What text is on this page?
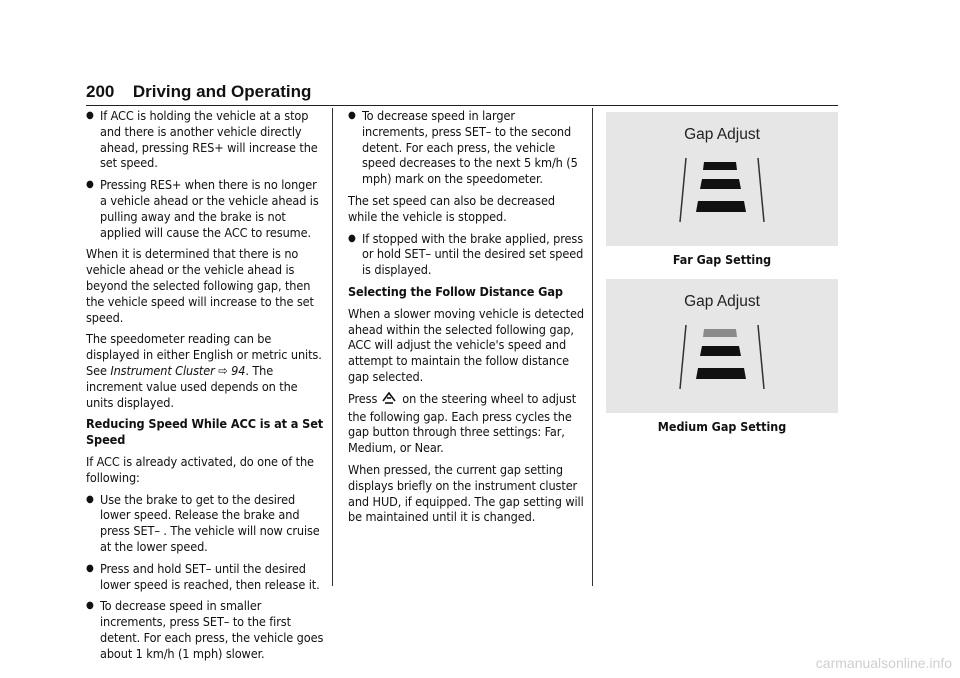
200 Driving and Operating
● If ACC is holding the vehicle at a stop and there is another vehicle directly ahead, pressing RES+ will increase the set speed.
● Pressing RES+ when there is no longer a vehicle ahead or the vehicle ahead is pulling away and the brake is not applied will cause the ACC to resume.

When it is determined that there is no vehicle ahead or the vehicle ahead is beyond the selected following gap, then the vehicle speed will increase to the set speed.

The speedometer reading can be displayed in either English or metric units. See Instrument Cluster ⇨ 94. The increment value used depends on the units displayed.

Reducing Speed While ACC is at a Set Speed

If ACC is already activated, do one of the following:

● Use the brake to get to the desired lower speed. Release the brake and press SET– . The vehicle will now cruise at the lower speed.
● Press and hold SET– until the desired lower speed is reached, then release it.
● To decrease speed in smaller increments, press SET– to the first detent. For each press, the vehicle goes about 1 km/h (1 mph) slower.
● To decrease speed in larger increments, press SET– to the second detent. For each press, the vehicle speed decreases to the next 5 km/h (5 mph) mark on the speedometer.

The set speed can also be decreased while the vehicle is stopped.

● If stopped with the brake applied, press or hold SET– until the desired set speed is displayed.

Selecting the Follow Distance Gap

When a slower moving vehicle is detected ahead within the selected following gap, ACC will adjust the vehicle's speed and attempt to maintain the follow distance gap selected.

Press  on the steering wheel to adjust the following gap. Each press cycles the gap button through three settings: Far, Medium, or Near.

When pressed, the current gap setting displays briefly on the instrument cluster and HUD, if equipped. The gap setting will be maintained until it is changed.

Gap Adjust
Far Gap Setting
Gap Adjust
Medium Gap Setting
carmanualsonline.info
